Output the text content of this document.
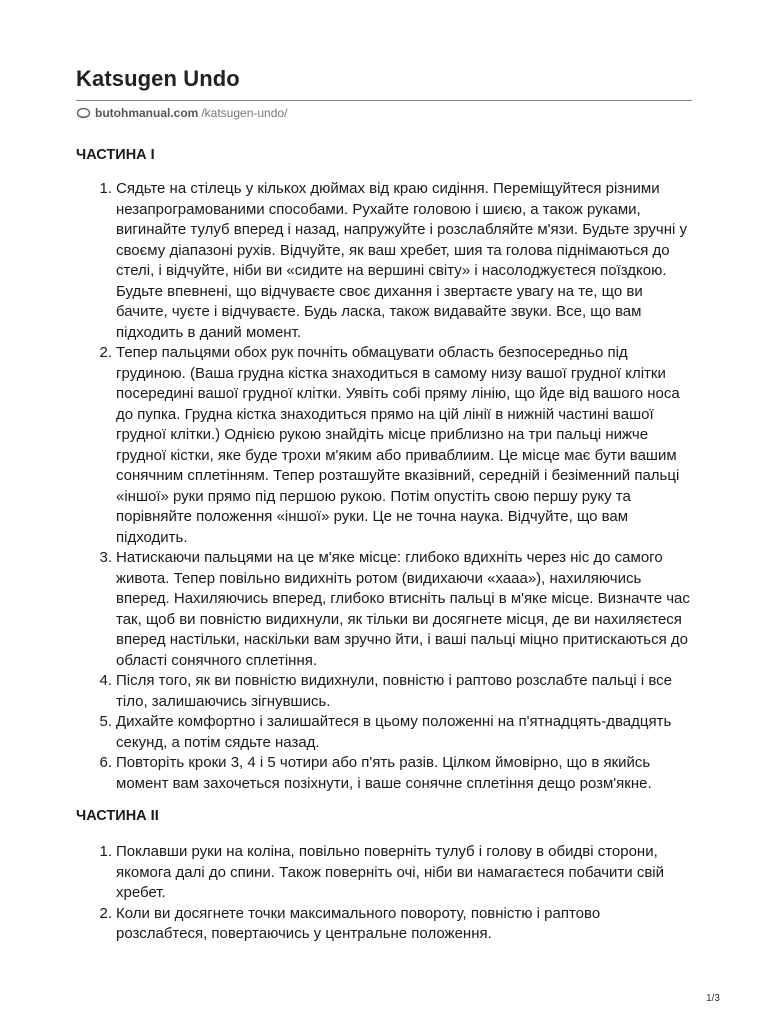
Katsugen Undo
butohmanual.com /katsugen-undo/
ЧАСТИНА I
1. Сядьте на стілець у кількох дюймах від краю сидіння. Переміщуйтеся різними незапрограмованими способами. Рухайте головою і шиєю, а також руками, вигинайте тулуб вперед і назад, напружуйте і розслабляйте м'язи. Будьте зручні у своєму діапазоні рухів. Відчуйте, як ваш хребет, шия та голова піднімаються до стелі, і відчуйте, ніби ви «сидите на вершині світу» і насолоджуєтеся поїздкою. Будьте впевнені, що відчуваєте своє дихання і звертаєте увагу на те, що ви бачите, чуєте і відчуваєте. Будь ласка, також видавайте звуки. Все, що вам підходить в даний момент.
2. Тепер пальцями обох рук почніть обмацувати область безпосередньо під грудиною. (Ваша грудна кістка знаходиться в самому низу вашої грудної клітки посередині вашої грудної клітки. Уявіть собі пряму лінію, що йде від вашого носа до пупка. Грудна кістка знаходиться прямо на цій лінії в нижній частині вашої грудної клітки.) Однією рукою знайдіть місце приблизно на три пальці нижче грудної кістки, яке буде трохи м'яким або приваблиим. Це місце має бути вашим сонячним сплетінням. Тепер розташуйте вказівний, середній і безіменний пальці «іншої» руки прямо під першою рукою. Потім опустіть свою першу руку та порівняйте положення «іншої» руки. Це не точна наука. Відчуйте, що вам підходить.
3. Натискаючи пальцями на це м'яке місце: глибоко вдихніть через ніс до самого живота. Тепер повільно видихніть ротом (видихаючи «хааа»), нахиляючись вперед. Нахиляючись вперед, глибоко втисніть пальці в м'яке місце. Визначте час так, щоб ви повністю видихнули, як тільки ви досягнете місця, де ви нахиляєтеся вперед настільки, наскільки вам зручно йти, і ваші пальці міцно притискаються до області сонячного сплетіння.
4. Після того, як ви повністю видихнули, повністю і раптово розслабте пальці і все тіло, залишаючись зігнувшись.
5. Дихайте комфортно і залишайтеся в цьому положенні на п'ятнадцять-двадцять секунд, а потім сядьте назад.
6. Повторіть кроки 3, 4 і 5 чотири або п'ять разів. Цілком ймовірно, що в якийсь момент вам захочеться позіхнути, і ваше сонячне сплетіння дещо розм'якне.
ЧАСТИНА II
1. Поклавши руки на коліна, повільно поверніть тулуб і голову в обидві сторони, якомога далі до спини. Також поверніть очі, ніби ви намагаєтеся побачити свій хребет.
2. Коли ви досягнете точки максимального повороту, повністю і раптово розслабтеся, повертаючись у центральне положення.
1/3
